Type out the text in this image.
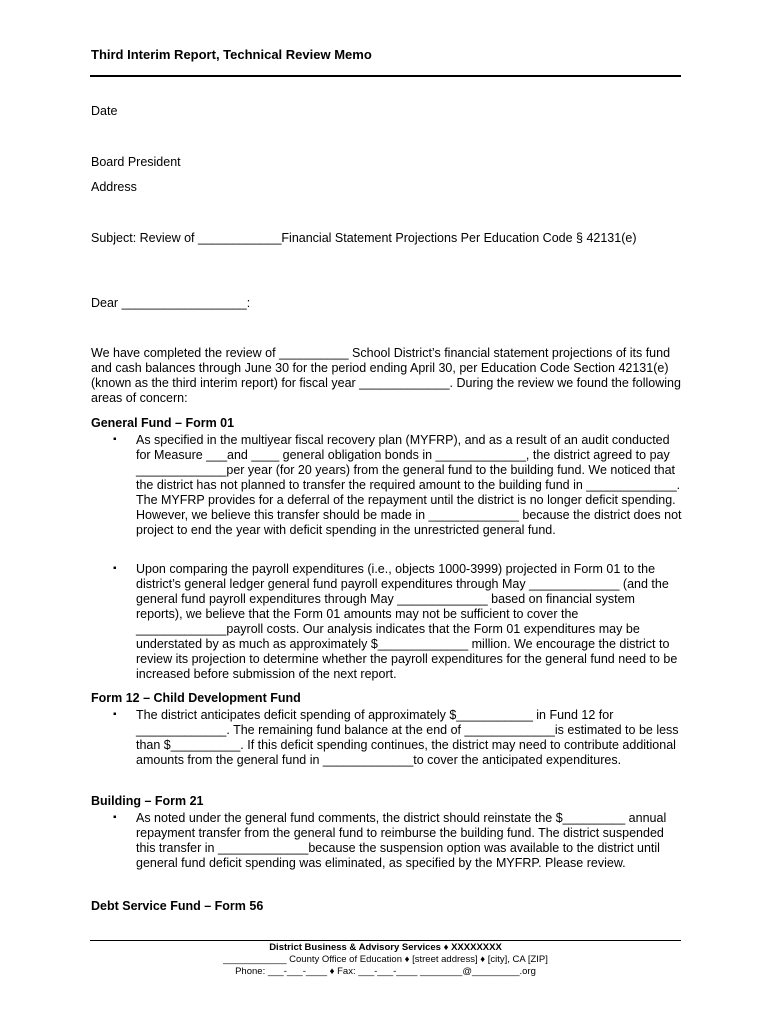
Third Interim Report, Technical Review Memo
Date
Board President
Address
Subject: Review of ____________Financial Statement Projections Per Education Code § 42131(e)
Dear __________________:
We have completed the review of __________ School District’s financial statement projections of its fund and cash balances through June 30 for the period ending April 30, per Education Code Section 42131(e) (known as the third interim report) for fiscal year _____________. During the review we found the following areas of concern:
General Fund – Form 01
▪ As specified in the multiyear fiscal recovery plan (MYFRP), and as a result of an audit conducted for Measure ___and ____ general obligation bonds in _____________, the district agreed to pay _____________per year (for 20 years) from the general fund to the building fund. We noticed that the district has not planned to transfer the required amount to the building fund in _____________. The MYFRP provides for a deferral of the repayment until the district is no longer deficit spending. However, we believe this transfer should be made in _____________ because the district does not project to end the year with deficit spending in the unrestricted general fund.
▪ Upon comparing the payroll expenditures (i.e., objects 1000-3999) projected in Form 01 to the district’s general ledger general fund payroll expenditures through May _____________ (and the general fund payroll expenditures through May _____________ based on financial system reports), we believe that the Form 01 amounts may not be sufficient to cover the _____________payroll costs. Our analysis indicates that the Form 01 expenditures may be understated by as much as approximately $_____________ million. We encourage the district to review its projection to determine whether the payroll expenditures for the general fund need to be increased before submission of the next report.
Form 12 – Child Development Fund
▪ The district anticipates deficit spending of approximately $___________ in Fund 12 for _____________. The remaining fund balance at the end of _____________is estimated to be less than $__________. If this deficit spending continues, the district may need to contribute additional amounts from the general fund in _____________to cover the anticipated expenditures.
Building – Form 21
▪ As noted under the general fund comments, the district should reinstate the $_________ annual repayment transfer from the general fund to reimburse the building fund. The district suspended this transfer in _____________because the suspension option was available to the district until general fund deficit spending was eliminated, as specified by the MYFRP. Please review.
Debt Service Fund – Form 56
District Business & Advisory Services ♦ XXXXXXXX
____________ County Office of Education ♦ [street address] ♦ [city], CA [ZIP]
Phone: ___-___-____ ♦ Fax: ___-___-____ ________@_________.org
